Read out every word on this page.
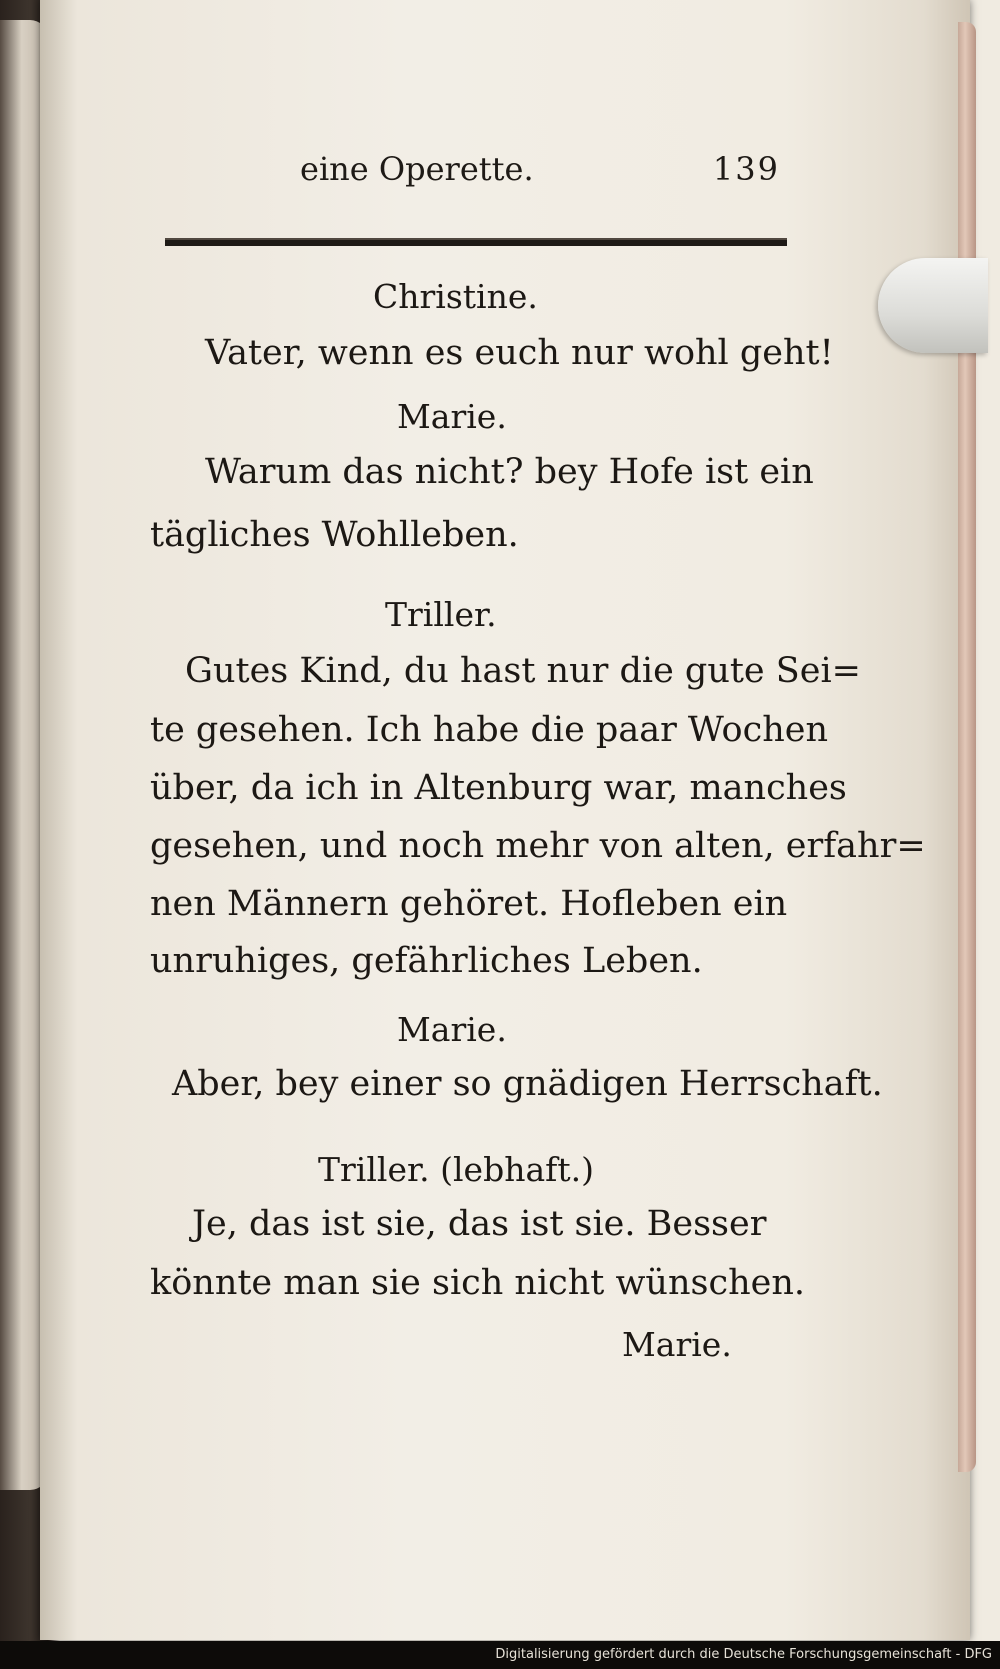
eine Operette.	139
Christine.
Vater, wenn es euch nur wohl geht!
Marie.
Warum das nicht? bey Hofe ist ein
tägliches Wohlleben.
Triller.
Gutes Kind, du hast nur die gute Sei=
te gesehen. Ich habe die paar Wochen
über, da ich in Altenburg war, manches
gesehen, und noch mehr von alten, erfahr=
nen Männern gehöret. Hofleben ein
unruhiges, gefährliches Leben.
Marie.
Aber, bey einer so gnädigen Herrschaft.
Triller. (lebhaft.)
Je, das ist sie, das ist sie. Besser
könnte man sie sich nicht wünschen.
Marie.
Digitalisierung gefördert durch die Deutsche Forschungsgemeinschaft - DFG
